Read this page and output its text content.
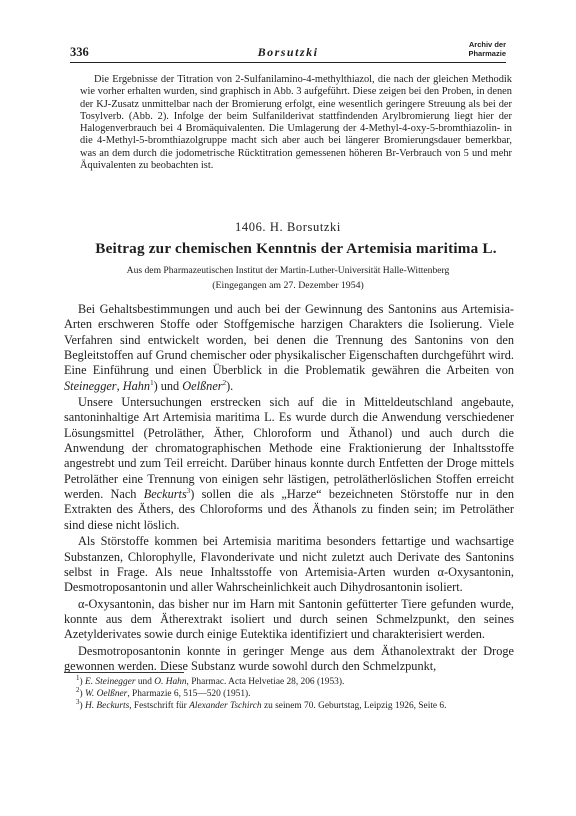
336	Borsutzki
Archiv der
Pharmazie

Die Ergebnisse der Titration von 2-Sulfanilamino-4-methylthiazol, die nach der gleichen Methodik wie vorher erhalten wurden, sind graphisch in Abb. 3 aufgeführt. Diese zeigen bei den Proben, in denen der KJ-Zusatz unmittelbar nach der Bromierung erfolgt, eine wesentlich geringere Streuung als bei der Tosylverb. (Abb. 2). Infolge der beim Sulfanilderivat stattfindenden Arylbromierung liegt hier der Halogenverbrauch bei 4 Bromäquivalenten. Die Umlagerung der 4-Methyl-4-oxy-5-bromthiazolin- in die 4-Methyl-5-bromthiazolgruppe macht sich aber auch bei längerer Bromierungsdauer bemerkbar, was an dem durch die jodometrische Rücktitration gemessenen höheren Br-Verbrauch von 5 und mehr Äquivalenten zu beobachten ist.

1406. H. Borsutzki
Beitrag zur chemischen Kenntnis der Artemisia maritima L.
Aus dem Pharmazeutischen Institut der Martin-Luther-Universität Halle-Wittenberg
(Eingegangen am 27. Dezember 1954)

Bei Gehaltsbestimmungen und auch bei der Gewinnung des Santonins aus Artemisia-Arten erschweren Stoffe oder Stoffgemische harzigen Charakters die Isolierung. Viele Verfahren sind entwickelt worden, bei denen die Trennung des Santonins von den Begleitstoffen auf Grund chemischer oder physikalischer Eigenschaften durchgeführt wird. Eine Einführung und einen Überblick in die Problematik gewähren die Arbeiten von Steinegger, Hahn$^1$) und Oelßner$^2$).

Unsere Untersuchungen erstrecken sich auf die in Mitteldeutschland angebaute, santoninhaltige Art Artemisia maritima L. Es wurde durch die Anwendung verschiedener Lösungsmittel (Petroläther, Äther, Chloroform und Äthanol) und auch durch die Anwendung der chromatographischen Methode eine Fraktionierung der Inhaltsstoffe angestrebt und zum Teil erreicht. Darüber hinaus konnte durch Entfetten der Droge mittels Petroläther eine Trennung von einigen sehr lästigen, petrolätherlöslichen Stoffen erreicht werden. Nach Beckurts$^3$) sollen die als „Harze“ bezeichneten Störstoffe nur in den Extrakten des Äthers, des Chloroforms und des Äthanols zu finden sein; im Petroläther sind diese nicht löslich.

Als Störstoffe kommen bei Artemisia maritima besonders fettartige und wachsartige Substanzen, Chlorophylle, Flavonderivate und nicht zuletzt auch Derivate des Santonins selbst in Frage. Als neue Inhaltsstoffe von Artemisia-Arten wurden α-Oxysantonin, Desmotroposantonin und aller Wahrscheinlichkeit auch Dihydrosantonin isoliert.

α-Oxysantonin, das bisher nur im Harn mit Santonin gefütterter Tiere gefunden wurde, konnte aus dem Ätherextrakt isoliert und durch seinen Schmelzpunkt, den seines Azetylderivates sowie durch einige Eutektika identifiziert und charakterisiert werden.

Desmotroposantonin konnte in geringer Menge aus dem Äthanolextrakt der Droge gewonnen werden. Diese Substanz wurde sowohl durch den Schmelzpunkt,

$^1$) E. Steinegger und O. Hahn, Pharmac. Acta Helvetiae 28, 206 (1953).

$^2$) W. Oelßner, Pharmazie 6, 515—520 (1951).

$^3$) H. Beckurts, Festschrift für Alexander Tschirch zu seinem 70. Geburtstag, Leipzig 1926, Seite 6.
